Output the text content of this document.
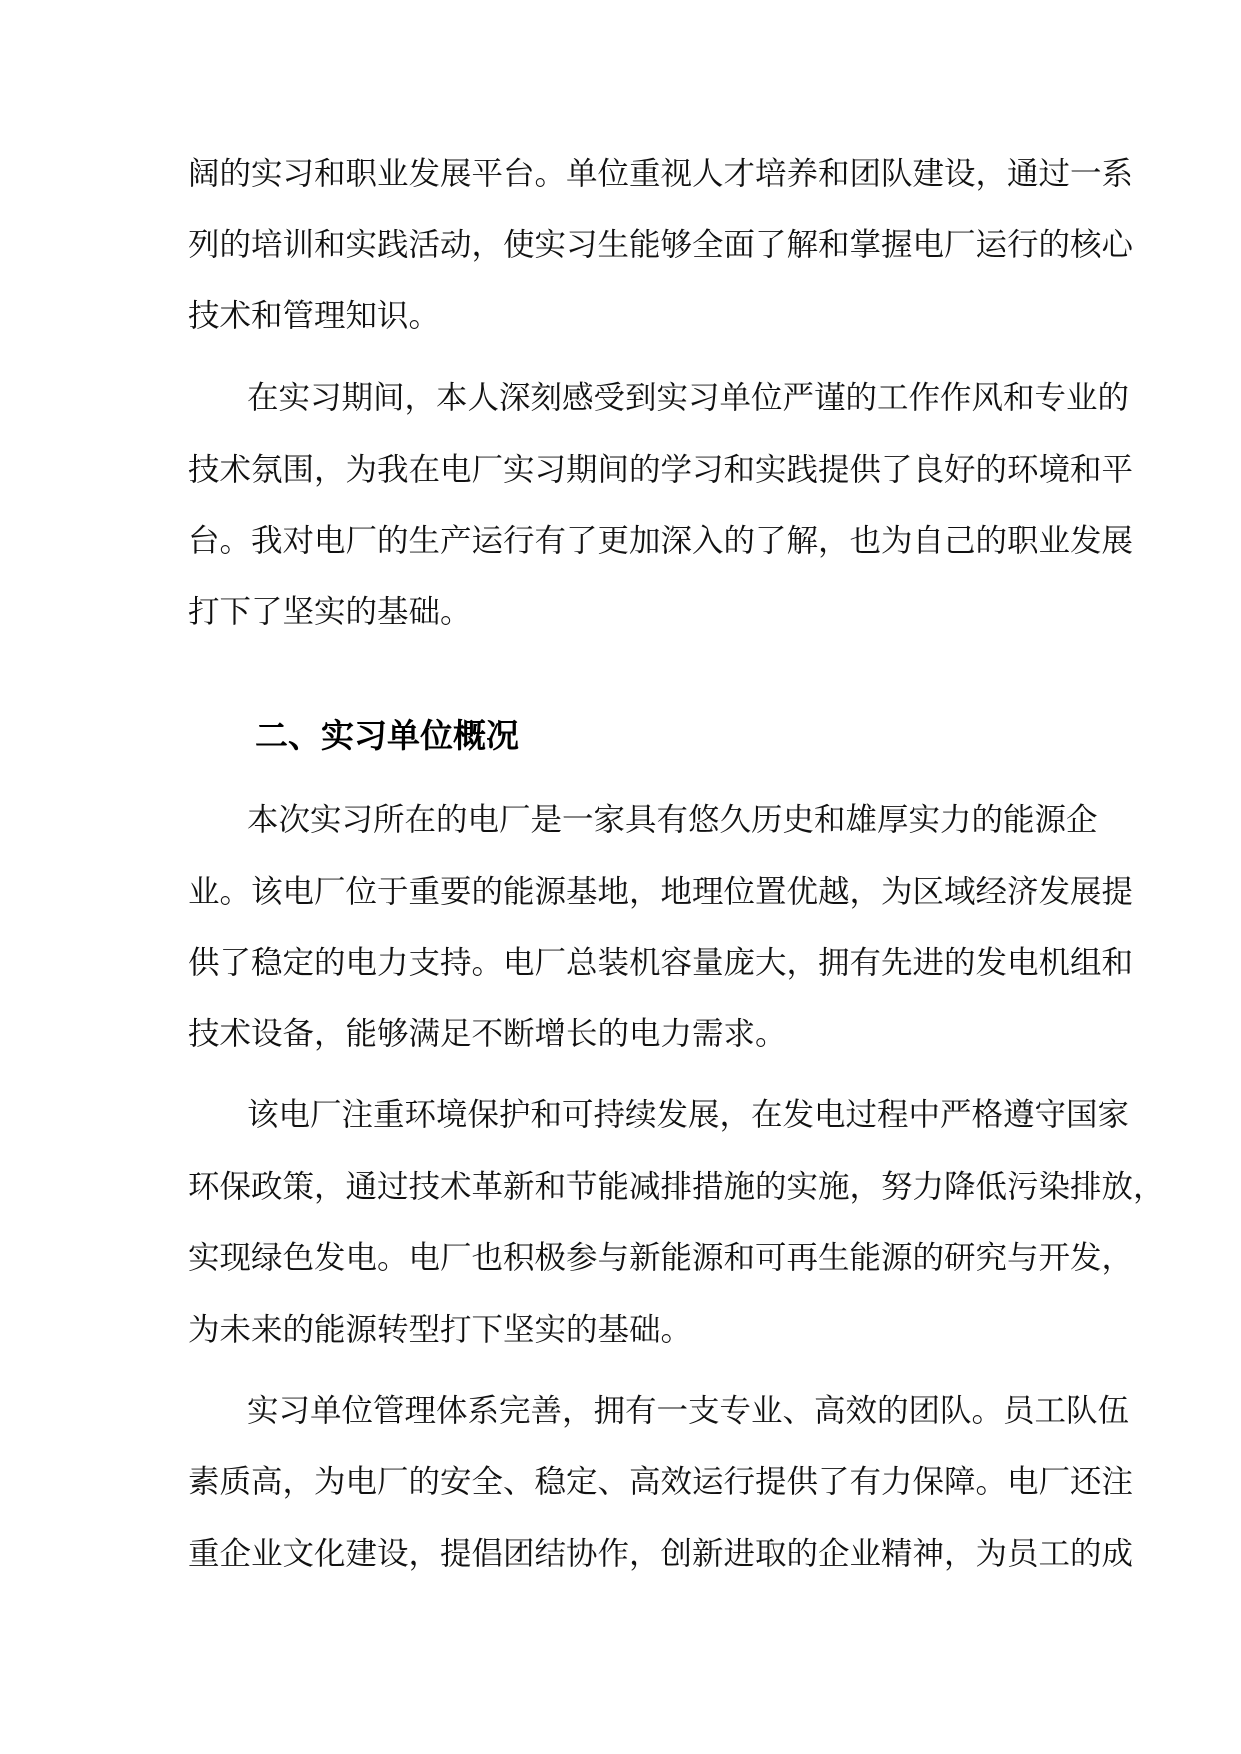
阔的实习和职业发展平台。单位重视人才培养和团队建设，通过一系
列的培训和实践活动，使实习生能够全面了解和掌握电厂运行的核心
技术和管理知识。
在实习期间，本人深刻感受到实习单位严谨的工作作风和专业的
技术氛围，为我在电厂实习期间的学习和实践提供了良好的环境和平
台。我对电厂的生产运行有了更加深入的了解，也为自己的职业发展
打下了坚实的基础。
二、实习单位概况
本次实习所在的电厂是一家具有悠久历史和雄厚实力的能源企
业。该电厂位于重要的能源基地，地理位置优越，为区域经济发展提
供了稳定的电力支持。电厂总装机容量庞大，拥有先进的发电机组和
技术设备，能够满足不断增长的电力需求。
该电厂注重环境保护和可持续发展，在发电过程中严格遵守国家
环保政策，通过技术革新和节能减排措施的实施，努力降低污染排放，
实现绿色发电。电厂也积极参与新能源和可再生能源的研究与开发，
为未来的能源转型打下坚实的基础。
实习单位管理体系完善，拥有一支专业、高效的团队。员工队伍
素质高，为电厂的安全、稳定、高效运行提供了有力保障。电厂还注
重企业文化建设，提倡团结协作，创新进取的企业精神，为员工的成
